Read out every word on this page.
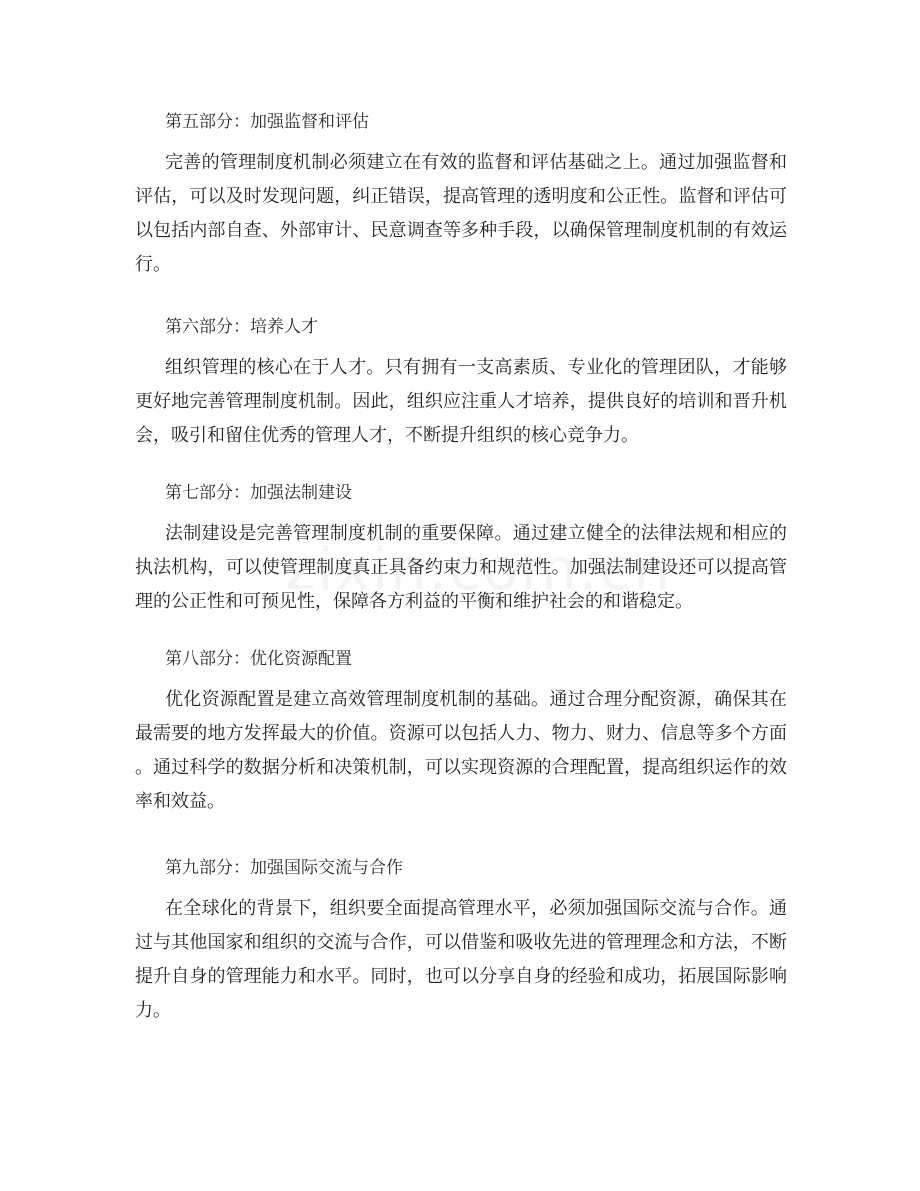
第五部分：加强监督和评估
完善的管理制度机制必须建立在有效的监督和评估基础之上。通过加强监督和
评估，可以及时发现问题，纠正错误，提高管理的透明度和公正性。监督和评估可
以包括内部自查、外部审计、民意调查等多种手段，以确保管理制度机制的有效运
行。
第六部分：培养人才
组织管理的核心在于人才。只有拥有一支高素质、专业化的管理团队，才能够
更好地完善管理制度机制。因此，组织应注重人才培养，提供良好的培训和晋升机
会，吸引和留住优秀的管理人才，不断提升组织的核心竞争力。
第七部分：加强法制建设
法制建设是完善管理制度机制的重要保障。通过建立健全的法律法规和相应的
执法机构，可以使管理制度真正具备约束力和规范性。加强法制建设还可以提高管
理的公正性和可预见性，保障各方利益的平衡和维护社会的和谐稳定。
第八部分：优化资源配置
优化资源配置是建立高效管理制度机制的基础。通过合理分配资源，确保其在
最需要的地方发挥最大的价值。资源可以包括人力、物力、财力、信息等多个方面
。通过科学的数据分析和决策机制，可以实现资源的合理配置，提高组织运作的效
率和效益。
第九部分：加强国际交流与合作
在全球化的背景下，组织要全面提高管理水平，必须加强国际交流与合作。通
过与其他国家和组织的交流与合作，可以借鉴和吸收先进的管理理念和方法，不断
提升自身的管理能力和水平。同时，也可以分享自身的经验和成功，拓展国际影响
力。
